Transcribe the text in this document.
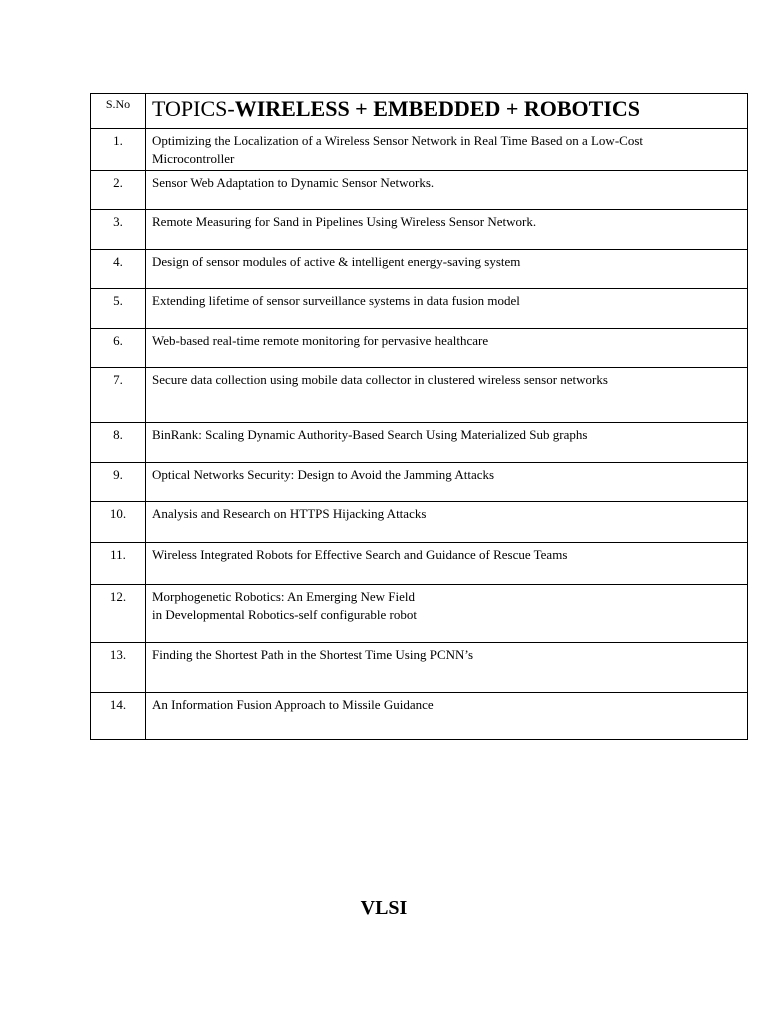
S.No	TOPICS-WIRELESS + EMBEDDED + ROBOTICS
1.	Optimizing the Localization of a Wireless Sensor Network in Real Time Based on a Low-Cost
Microcontroller

2.	Sensor Web Adaptation to Dynamic Sensor Networks.

3.	Remote Measuring for Sand in Pipelines Using Wireless Sensor Network.

4.	Design of sensor modules of active & intelligent energy-saving system

5.	Extending lifetime of sensor surveillance systems in data fusion model

6.	Web-based real-time remote monitoring for pervasive healthcare

7.	Secure data collection using mobile data collector in clustered wireless sensor networks

8.	BinRank: Scaling Dynamic Authority-Based Search Using Materialized Sub graphs

9.	Optical Networks Security: Design to Avoid the Jamming Attacks

10.	Analysis and Research on HTTPS Hijacking Attacks

11.	Wireless Integrated Robots for Effective Search and Guidance of Rescue Teams

12.	Morphogenetic Robotics: An Emerging New Field
in Developmental Robotics-self configurable robot

13.	Finding the Shortest Path in the Shortest Time Using PCNN’s

14.	An Information Fusion Approach to Missile Guidance
VLSI
